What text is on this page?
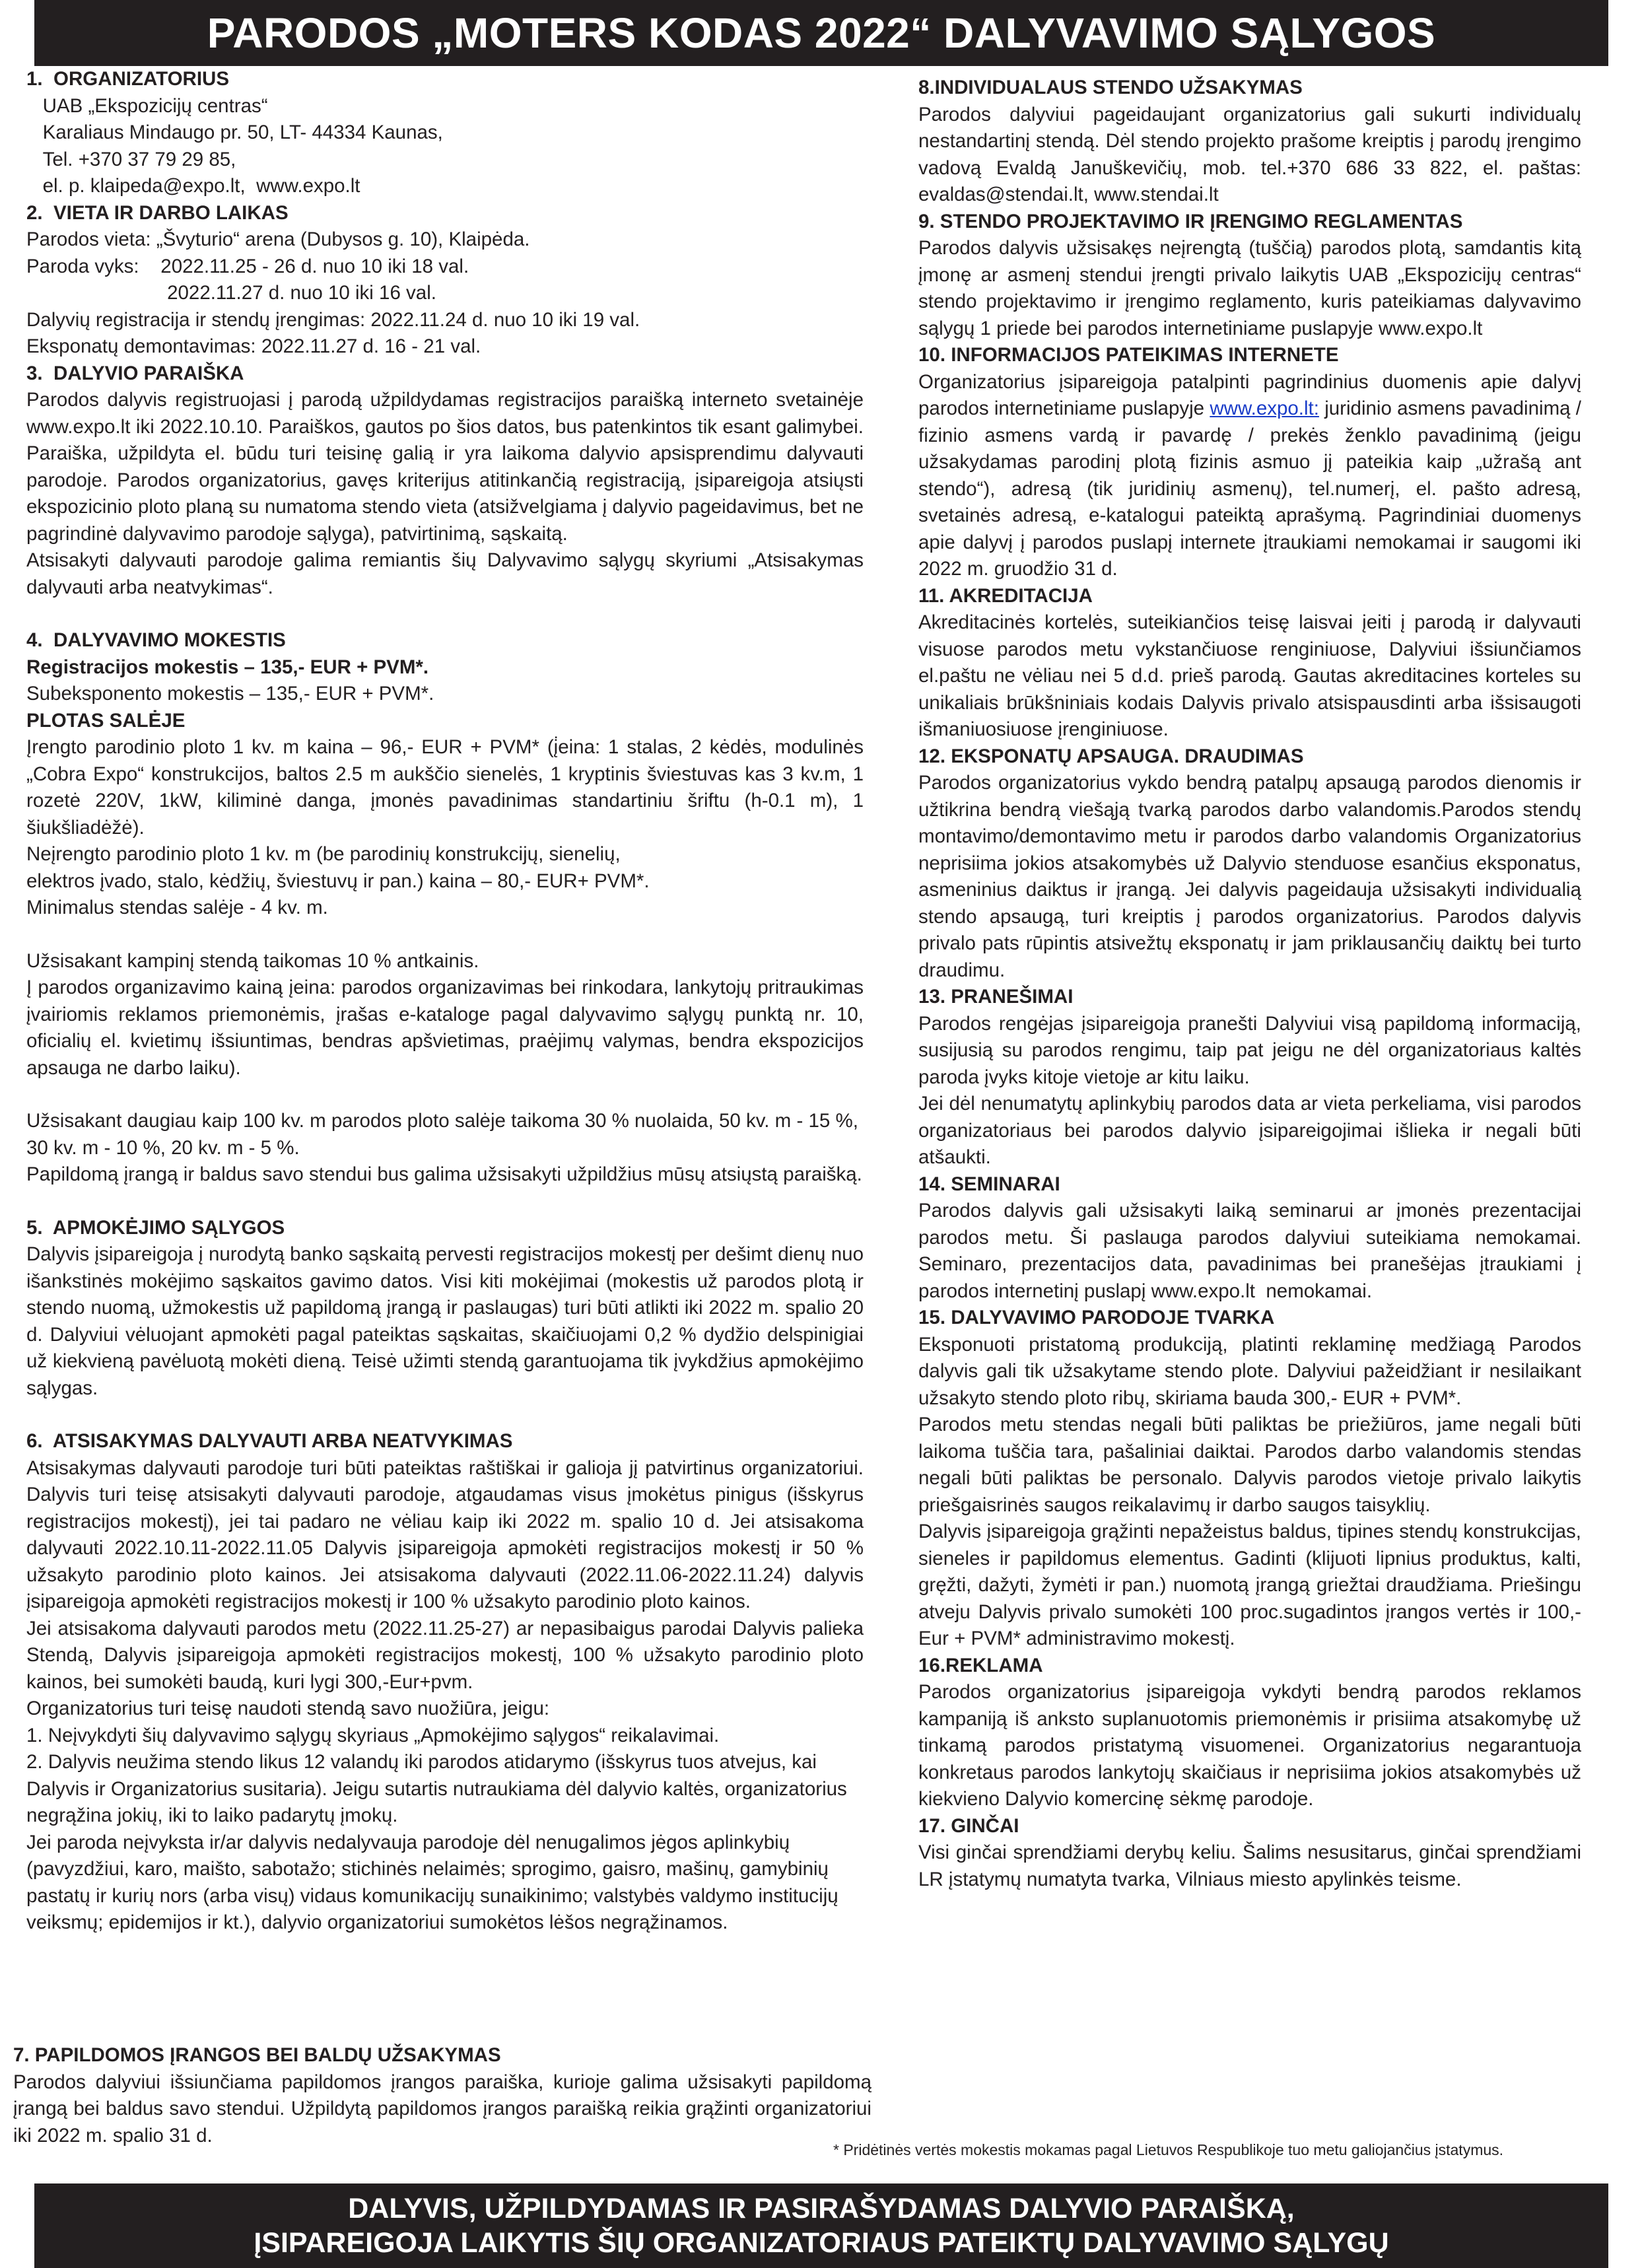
PARODOS „MOTERS KODAS 2022“ DALYVAVIMO SĄLYGOS

1.  ORGANIZATORIUS

UAB „Ekspozicijų centras“

Karaliaus Mindaugo pr. 50, LT- 44334 Kaunas,

Tel. +370 37 79 29 85,

el. p. klaipeda@expo.lt,  www.expo.lt

2.  VIETA IR DARBO LAIKAS

Parodos vieta: „Švyturio“ arena (Dubysos g. 10), Klaipėda.

Paroda vyks:    2022.11.25 - 26 d. nuo 10 iki 18 val.

2022.11.27 d. nuo 10 iki 16 val.

Dalyvių registracija ir stendų įrengimas: 2022.11.24 d. nuo 10 iki 19 val.

Eksponatų demontavimas: 2022.11.27 d. 16 - 21 val.

3.  DALYVIO PARAIŠKA

Parodos dalyvis registruojasi į parodą užpildydamas registracijos paraišką interneto svetainėje www.expo.lt iki 2022.10.10. Paraiškos, gautos po šios datos, bus patenkintos tik esant galimybei. Paraiška, užpildyta el. būdu turi teisinę galią ir yra laikoma dalyvio apsisprendimu dalyvauti parodoje. Parodos organizatorius, gavęs kriterijus atitinkančią registraciją, įsipareigoja atsiųsti ekspozicinio ploto planą su numatoma stendo vieta (atsižvelgiama į dalyvio pageidavimus, bet ne pagrindinė dalyvavimo parodoje sąlyga), patvirtinimą, sąskaitą.

Atsisakyti dalyvauti parodoje galima remiantis šių Dalyvavimo sąlygų skyriumi „Atsisakymas dalyvauti arba neatvykimas“.

4.  DALYVAVIMO MOKESTIS

Registracijos mokestis – 135,- EUR + PVM*.

Subeksponento mokestis – 135,- EUR + PVM*.

PLOTAS SALĖJE

Įrengto parodinio ploto 1 kv. m kaina – 96,- EUR + PVM* (į̇eina: 1 stalas, 2 kėdės, modulinės „Cobra Expo“ konstrukcijos, baltos 2.5 m aukščio sienelės, 1 kryptinis šviestuvas kas 3 kv.m, 1 rozetė 220V, 1kW, kiliminė danga, įmonės pavadinimas standartiniu šriftu (h-0.1 m), 1 šiukšliadėžė).

Neįrengto parodinio ploto 1 kv. m (be parodinių konstrukcijų, sienelių,

elektros įvado, stalo, kėdžių, šviestuvų ir pan.) kaina – 80,- EUR+ PVM*.

Minimalus stendas salėje - 4 kv. m.

Užsisakant kampinį stendą taikomas 10 % antkainis.

Į parodos organizavimo kainą įeina: parodos organizavimas bei rinkodara, lankytojų pritraukimas įvairiomis reklamos priemonėmis, įrašas e-kataloge pagal dalyvavimo sąlygų punktą nr. 10, oficialių el. kvietimų išsiuntimas, bendras apšvietimas, praėjimų valymas, bendra ekspozicijos apsauga ne darbo laiku).

Užsisakant daugiau kaip 100 kv. m parodos ploto salėje taikoma 30 % nuolaida, 50 kv. m - 15 %, 30 kv. m - 10 %, 20 kv. m - 5 %.

Papildomą įrangą ir baldus savo stendui bus galima užsisakyti užpildžius mūsų atsiųstą paraišką.

5.  APMOKĖJIMO SĄLYGOS

Dalyvis įsipareigoja į nurodytą banko sąskaitą pervesti registracijos mokestį per dešimt dienų nuo išankstinės mokėjimo sąskaitos gavimo datos. Visi kiti mokėjimai (mokestis už parodos plotą ir stendo nuomą, užmokestis už papildomą įrangą ir paslaugas) turi būti atlikti iki 2022 m. spalio 20 d. Dalyviui vėluojant apmokėti pagal pateiktas sąskaitas, skaičiuojami 0,2 % dydžio delspinigiai už kiekvieną pavėluotą mokėti dieną. Teisė užimti stendą garantuojama tik įvykdžius apmokėjimo sąlygas.

6.  ATSISAKYMAS DALYVAUTI ARBA NEATVYKIMAS

Atsisakymas dalyvauti parodoje turi būti pateiktas raštiškai ir galioja jį patvirtinus organizatoriui. Dalyvis turi teisę atsisakyti dalyvauti parodoje, atgaudamas visus įmokėtus pinigus (išskyrus registracijos mokestį), jei tai padaro ne vėliau kaip iki 2022 m. spalio 10 d. Jei atsisakoma dalyvauti 2022.10.11-2022.11.05 Dalyvis įsipareigoja apmokėti registracijos mokestį ir 50 % užsakyto parodinio ploto kainos. Jei atsisakoma dalyvauti (2022.11.06-2022.11.24) dalyvis įsipareigoja apmokėti registracijos mokestį ir 100 % užsakyto parodinio ploto kainos.

Jei atsisakoma dalyvauti parodos metu (2022.11.25-27) ar nepasibaigus parodai Dalyvis palieka Stendą, Dalyvis įsipareigoja apmokėti registracijos mokestį, 100 % užsakyto parodinio ploto kainos, bei sumokėti baudą, kuri lygi 300,-Eur+pvm.

Organizatorius turi teisę naudoti stendą savo nuožiūra, jeigu:

1. Neįvykdyti šių dalyvavimo sąlygų skyriaus „Apmokėjimo sąlygos“ reikalavimai.

2. Dalyvis neužima stendo likus 12 valandų iki parodos atidarymo (išskyrus tuos atvejus, kai Dalyvis ir Organizatorius susitaria). Jeigu sutartis nutraukiama dėl dalyvio kaltės, organizatorius negrąžina jokių, iki to laiko padarytų įmokų.

Jei paroda neįvyksta ir/ar dalyvis nedalyvauja parodoje dėl nenugalimos jėgos aplinkybių (pavyzdžiui, karo, maišto, sabotažo; stichinės nelaimės; sprogimo, gaisro, mašinų, gamybinių pastatų ir kurių nors (arba visų) vidaus komunikacijų sunaikinimo; valstybės valdymo institucijų veiksmų; epidemijos ir kt.), dalyvio organizatoriui sumokėtos lėšos negrąžinamos.

7. PAPILDOMOS ĮRANGOS BEI BALDŲ UŽSAKYMAS

Parodos dalyviui išsiunčiama papildomos įrangos paraiška, kurioje galima užsisakyti papildomą įrangą bei baldus savo stendui. Užpildytą papildomos įrangos paraišką reikia grąžinti organizatoriui iki 2022 m. spalio 31 d.

8.INDIVIDUALAUS STENDO UŽSAKYMAS

Parodos dalyviui pageidaujant organizatorius gali sukurti individualų nestandartinį stendą. Dėl stendo projekto prašome kreiptis į parodų įrengimo vadovą Evaldą Januškevičių, mob. tel.+370 686 33 822, el. paštas: evaldas@stendai.lt, www.stendai.lt

9. STENDO PROJEKTAVIMO IR ĮRENGIMO REGLAMENTAS

Parodos dalyvis užsisakęs neįrengtą (tuščią) parodos plotą, samdantis kitą įmonę ar asmenį stendui įrengti privalo laikytis UAB „Ekspozicijų centras“ stendo projektavimo ir įrengimo reglamento, kuris pateikiamas dalyvavimo sąlygų 1 priede bei parodos internetiniame puslapyje www.expo.lt

10. INFORMACIJOS PATEIKIMAS INTERNETE

Organizatorius įsipareigoja patalpinti pagrindinius duomenis apie dalyvį parodos internetiniame puslapyje www.expo.lt: juridinio asmens pavadinimą / fizinio asmens vardą ir pavardę / prekės ženklo pavadinimą (jeigu užsakydamas parodinį plotą fizinis asmuo jį pateikia kaip „užrašą ant stendo“), adresą (tik juridinių asmenų), tel.numerį, el. pašto adresą, svetainės adresą, e-katalogui pateiktą aprašymą. Pagrindiniai duomenys apie dalyvį į parodos puslapį internete įtraukiami nemokamai ir saugomi iki 2022 m. gruodžio 31 d.

11. AKREDITACIJA

Akreditacinės kortelės, suteikiančios teisę laisvai įeiti į parodą ir dalyvauti visuose parodos metu vykstančiuose renginiuose, Dalyviui išsiunčiamos el.paštu ne vėliau nei 5 d.d. prieš parodą. Gautas akreditacines korteles su unikaliais brūkšniniais kodais Dalyvis privalo atsispausdinti arba išsisaugoti išmaniuosiuose įrenginiuose.

12. EKSPONATŲ APSAUGA. DRAUDIMAS

Parodos organizatorius vykdo bendrą patalpų apsaugą parodos dienomis ir užtikrina bendrą viešąją tvarką parodos darbo valandomis.Parodos stendų montavimo/demontavimo metu ir parodos darbo valandomis Organizatorius neprisiima jokios atsakomybės už Dalyvio stenduose esančius eksponatus, asmeninius daiktus ir įrangą. Jei dalyvis pageidauja užsisakyti individualią stendo apsaugą, turi kreiptis į parodos organizatorius. Parodos dalyvis privalo pats rūpintis atsivežtų eksponatų ir jam priklausančių daiktų bei turto draudimu.

13. PRANEŠIMAI

Parodos rengėjas įsipareigoja pranešti Dalyviui visą papildomą informaciją, susijusią su parodos rengimu, taip pat jeigu ne dėl organizatoriaus kaltės paroda įvyks kitoje vietoje ar kitu laiku.

Jei dėl nenumatytų aplinkybių parodos data ar vieta perkeliama, visi parodos organizatoriaus bei parodos dalyvio įsipareigojimai išlieka ir negali būti atšaukti.

14. SEMINARAI

Parodos dalyvis gali užsisakyti laiką seminarui ar įmonės prezentacijai parodos metu. Ši paslauga parodos dalyviui suteikiama nemokamai. Seminaro, prezentacijos data, pavadinimas bei pranešėjas įtraukiami į parodos internetinį puslapį www.expo.lt  nemokamai.

15. DALYVAVIMO PARODOJE TVARKA

Eksponuoti pristatomą produkciją, platinti reklaminę medžiagą Parodos dalyvis gali tik užsakytame stendo plote. Dalyviui pažeidžiant ir nesilaikant užsakyto stendo ploto ribų, skiriama bauda 300,- EUR + PVM*.

Parodos metu stendas negali būti paliktas be priežiūros, jame negali būti laikoma tuščia tara, pašaliniai daiktai. Parodos darbo valandomis stendas negali būti paliktas be personalo. Dalyvis parodos vietoje privalo laikytis priešgaisrinės saugos reikalavimų ir darbo saugos taisyklių.

Dalyvis įsipareigoja grąžinti nepažeistus baldus, tipines stendų konstrukcijas, sieneles ir papildomus elementus. Gadinti (klijuoti lipnius produktus, kalti, gręžti, dažyti, žymėti ir pan.) nuomotą įrangą griežtai draudžiama. Priešingu atveju Dalyvis privalo sumokėti 100 proc.sugadintos įrangos vertės ir 100,- Eur + PVM* administravimo mokestį.

16.REKLAMA

Parodos organizatorius įsipareigoja vykdyti bendrą parodos reklamos kampaniją iš anksto suplanuotomis priemonėmis ir prisiima atsakomybę už tinkamą parodos pristatymą visuomenei. Organizatorius negarantuoja konkretaus parodos lankytojų skaičiaus ir neprisiima jokios atsakomybės už kiekvieno Dalyvio komercinę sėkmę parodoje.

17. GINČAI

Visi ginčai sprendžiami derybų keliu. Šalims nesusitarus, ginčai sprendžiami LR įstatymų numatyta tvarka, Vilniaus miesto apylinkės teisme.

* Pridėtinės vertės mokestis mokamas pagal Lietuvos Respublikoje tuo metu galiojančius įstatymus.
DALYVIS, UŽPILDYDAMAS IR PASIRAŠYDAMAS DALYVIO PARAIŠKĄ,
ĮSIPAREIGOJA LAIKYTIS ŠIŲ ORGANIZATORIAUS PATEIKTŲ DALYVAVIMO SĄLYGŲ
